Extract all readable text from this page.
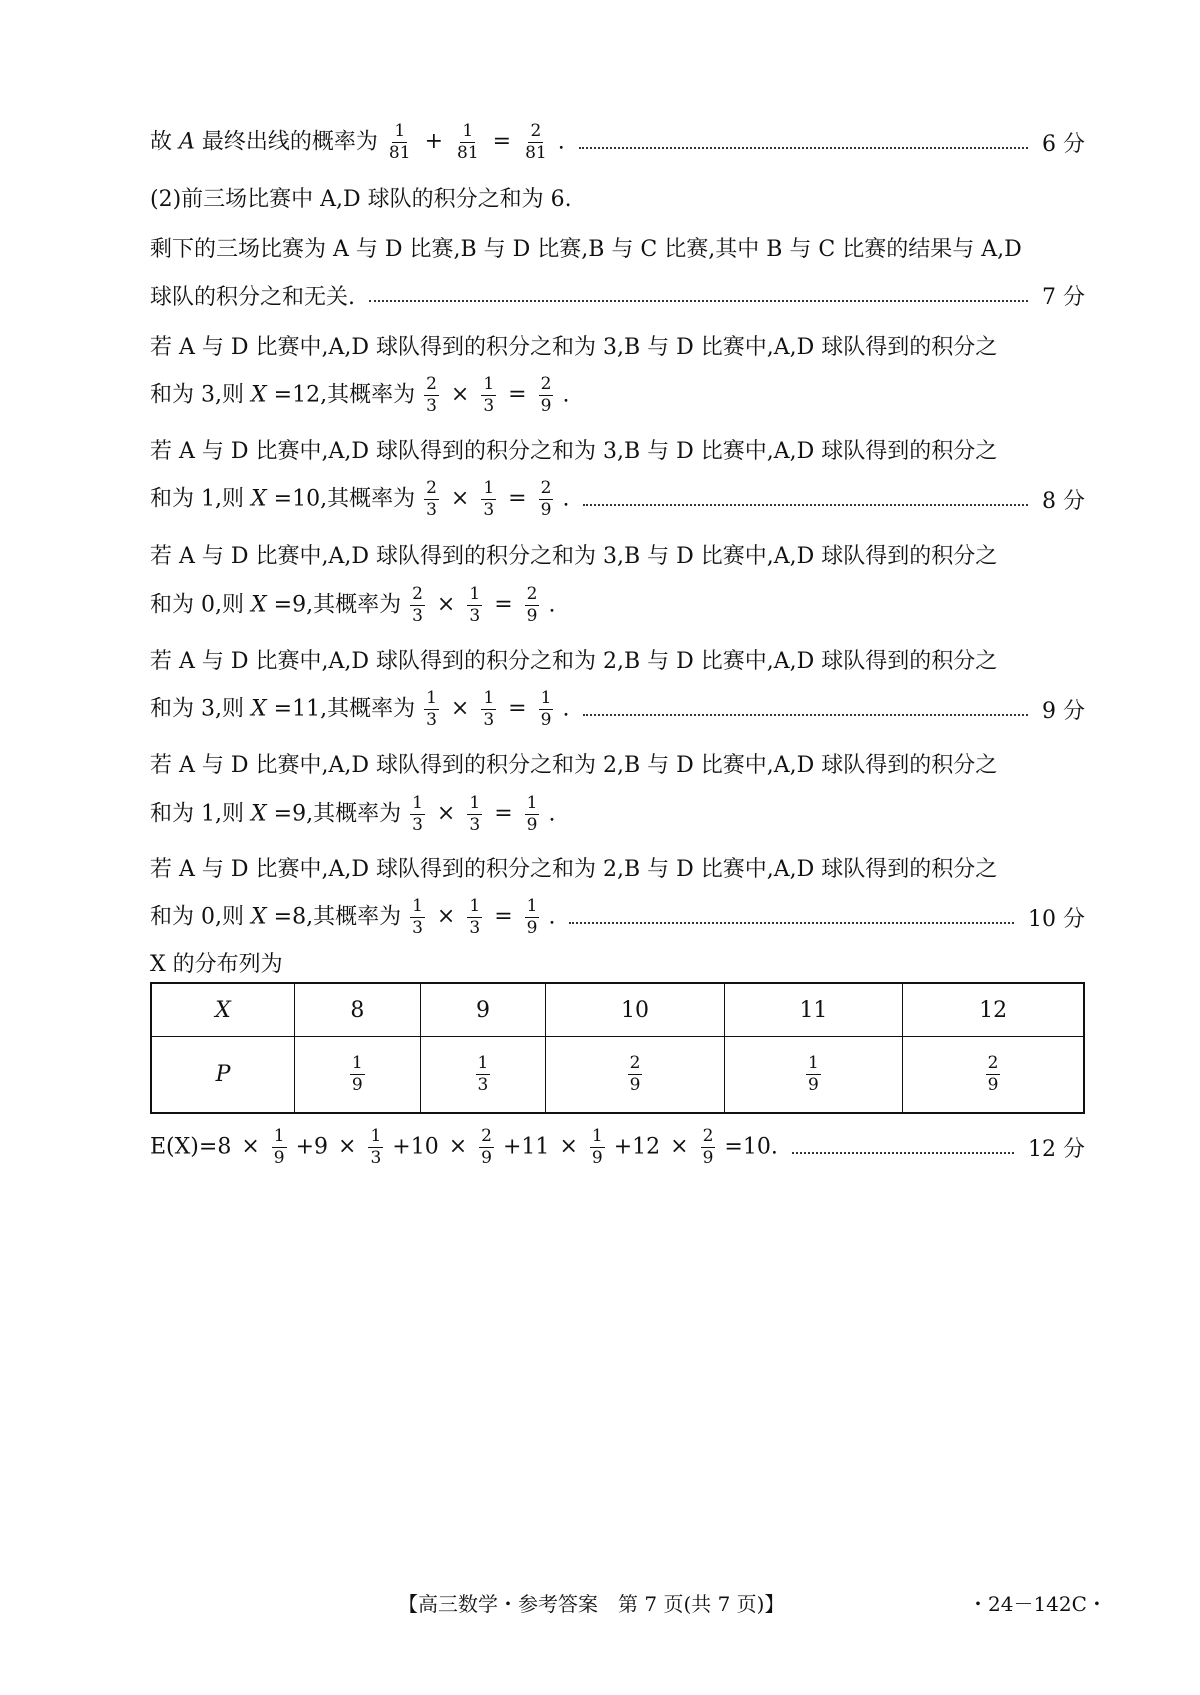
故 A 最终出线的概率为 $\frac{1}{81} + \frac{1}{81} = \frac{2}{81}$ .	6 分
(2)前三场比赛中 A,D 球队的积分之和为 6.
剩下的三场比赛为 A 与 D 比赛,B 与 D 比赛,B 与 C 比赛,其中 B 与 C 比赛的结果与 A,D
球队的积分之和无关.	7 分
若 A 与 D 比赛中,A,D 球队得到的积分之和为 3,B 与 D 比赛中,A,D 球队得到的积分之
和为 3,则 X =12,其概率为 $\frac{2}{3} \times \frac{1}{3} = \frac{2}{9}$ .
若 A 与 D 比赛中,A,D 球队得到的积分之和为 3,B 与 D 比赛中,A,D 球队得到的积分之
和为 1,则 X =10,其概率为 $\frac{2}{3} \times \frac{1}{3} = \frac{2}{9}$ .	8 分
若 A 与 D 比赛中,A,D 球队得到的积分之和为 3,B 与 D 比赛中,A,D 球队得到的积分之
和为 0,则 X =9,其概率为 $\frac{2}{3} \times \frac{1}{3} = \frac{2}{9}$ .
若 A 与 D 比赛中,A,D 球队得到的积分之和为 2,B 与 D 比赛中,A,D 球队得到的积分之
和为 3,则 X =11,其概率为 $\frac{1}{3} \times \frac{1}{3} = \frac{1}{9}$ .	9 分
若 A 与 D 比赛中,A,D 球队得到的积分之和为 2,B 与 D 比赛中,A,D 球队得到的积分之
和为 1,则 X =9,其概率为 $\frac{1}{3} \times \frac{1}{3} = \frac{1}{9}$ .
若 A 与 D 比赛中,A,D 球队得到的积分之和为 2,B 与 D 比赛中,A,D 球队得到的积分之
和为 0,则 X =8,其概率为 $\frac{1}{3} \times \frac{1}{3} = \frac{1}{9}$ .	10 分
X 的分布列为
X	8	9	10	11	12
P	$\frac{1}{9}$	$\frac{1}{3}$	$\frac{2}{9}$	$\frac{1}{9}$	$\frac{2}{9}$
$E(X)=8 \times \frac{1}{9} +9 \times \frac{1}{3} +10 \times \frac{2}{9} +11 \times \frac{1}{9} +12 \times \frac{2}{9} =10$.	12 分
【高三数学・参考答案　第 7 页(共 7 页)】	・24－142C・
